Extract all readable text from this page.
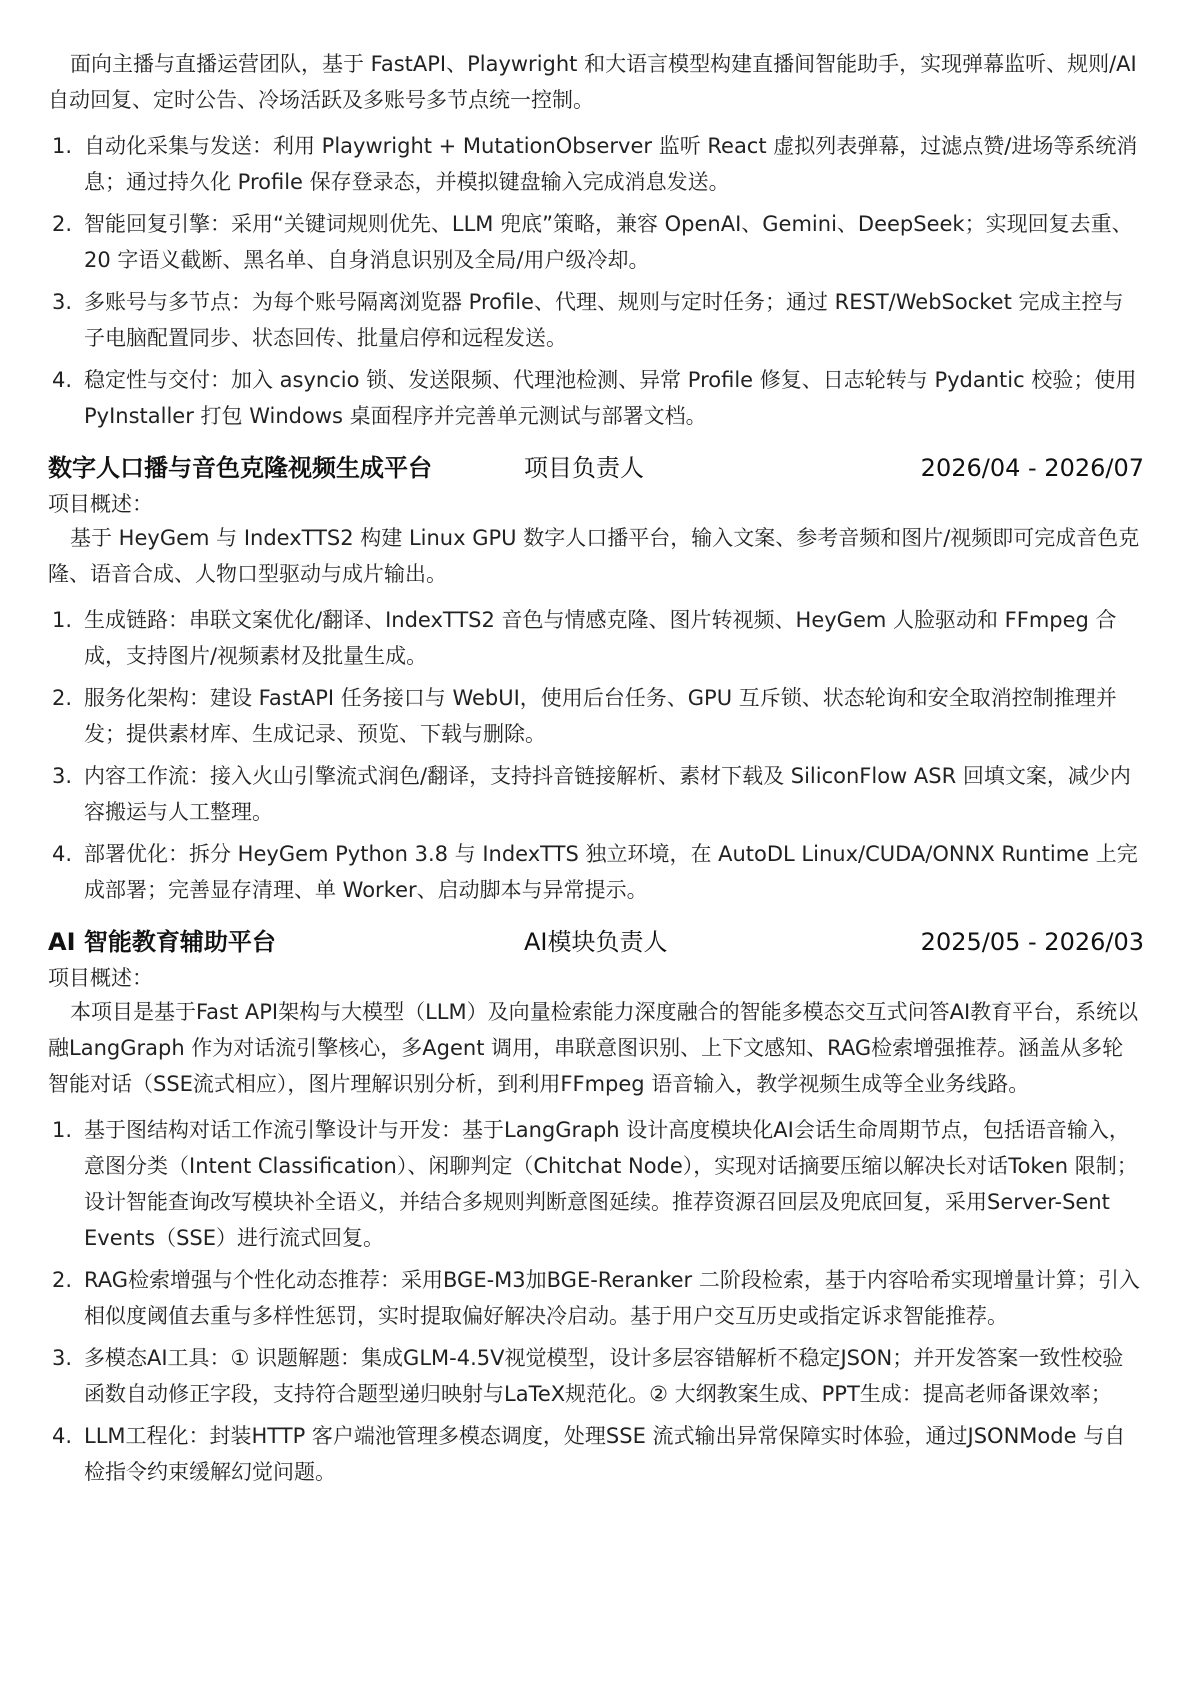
面向主播与直播运营团队，基于 FastAPI、Playwright 和大语言模型构建直播间智能助手，实现弹幕监听、规则/AI 自动回复、定时公告、冷场活跃及多账号多节点统一控制。

1. 自动化采集与发送：利用 Playwright + MutationObserver 监听 React 虚拟列表弹幕，过滤点赞/进场等系统消息；通过持久化 Profile 保存登录态，并模拟键盘输入完成消息发送。
2. 智能回复引擎：采用“关键词规则优先、LLM 兜底”策略，兼容 OpenAI、Gemini、DeepSeek；实现回复去重、20 字语义截断、黑名单、自身消息识别及全局/用户级冷却。
3. 多账号与多节点：为每个账号隔离浏览器 Profile、代理、规则与定时任务；通过 REST/WebSocket 完成主控与子电脑配置同步、状态回传、批量启停和远程发送。
4. 稳定性与交付：加入 asyncio 锁、发送限频、代理池检测、异常 Profile 修复、日志轮转与 Pydantic 校验；使用 PyInstaller 打包 Windows 桌面程序并完善单元测试与部署文档。
数字人口播与音色克隆视频生成平台	项目负责人	2026/04 - 2026/07

项目概述：

基于 HeyGem 与 IndexTTS2 构建 Linux GPU 数字人口播平台，输入文案、参考音频和图片/视频即可完成音色克隆、语音合成、人物口型驱动与成片输出。

1. 生成链路：串联文案优化/翻译、IndexTTS2 音色与情感克隆、图片转视频、HeyGem 人脸驱动和 FFmpeg 合成，支持图片/视频素材及批量生成。
2. 服务化架构：建设 FastAPI 任务接口与 WebUI，使用后台任务、GPU 互斥锁、状态轮询和安全取消控制推理并发；提供素材库、生成记录、预览、下载与删除。
3. 内容工作流：接入火山引擎流式润色/翻译，支持抖音链接解析、素材下载及 SiliconFlow ASR 回填文案，减少内容搬运与人工整理。
4. 部署优化：拆分 HeyGem Python 3.8 与 IndexTTS 独立环境，在 AutoDL Linux/CUDA/ONNX Runtime 上完成部署；完善显存清理、单 Worker、启动脚本与异常提示。
AI 智能教育辅助平台	AI模块负责人	2025/05 - 2026/03

项目概述：

本项目是基于Fast API架构与大模型（LLM）及向量检索能力深度融合的智能多模态交互式问答AI教育平台，系统以融LangGraph 作为对话流引擎核心，多Agent 调用，串联意图识别、上下文感知、RAG检索增强推荐。涵盖从多轮智能对话（SSE流式相应），图片理解识别分析，到利用FFmpeg 语音输入，教学视频生成等全业务线路。

1. 基于图结构对话工作流引擎设计与开发：基于LangGraph 设计高度模块化AI会话生命周期节点，包括语音输入，意图分类（Intent Classification）、闲聊判定（Chitchat Node），实现对话摘要压缩以解决长对话Token 限制；设计智能查询改写模块补全语义，并结合多规则判断意图延续。推荐资源召回层及兜底回复，采用Server-Sent Events（SSE）进行流式回复。
2. RAG检索增强与个性化动态推荐：采用BGE-M3加BGE-Reranker 二阶段检索，基于内容哈希实现增量计算；引入相似度阈值去重与多样性惩罚，实时提取偏好解决冷启动。基于用户交互历史或指定诉求智能推荐。
3. 多模态AI工具：① 识题解题：集成GLM-4.5V视觉模型，设计多层容错解析不稳定JSON；并开发答案一致性校验函数自动修正字段，支持符合题型递归映射与LaTeX规范化。② 大纲教案生成、PPT生成：提高老师备课效率；
4. LLM工程化：封装HTTP 客户端池管理多模态调度，处理SSE 流式输出异常保障实时体验，通过JSONMode 与自检指令约束缓解幻觉问题。
